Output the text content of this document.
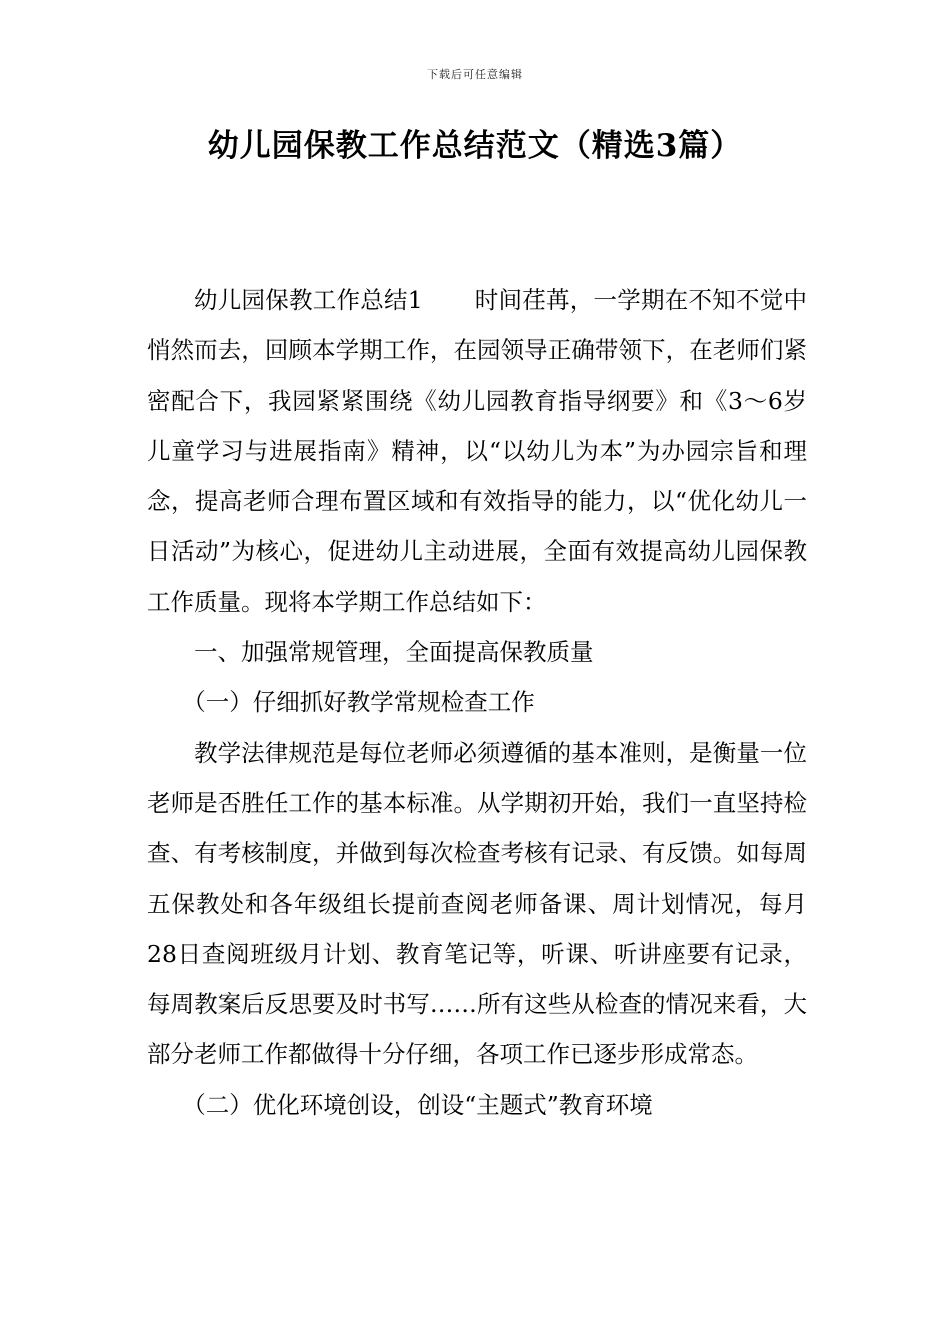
下载后可任意编辑
幼儿园保教工作总结范文（精选3篇）

幼儿园保教工作总结1 时间荏苒，一学期在不知不觉中悄然而去，回顾本学期工作，在园领导正确带领下，在老师们紧密配合下，我园紧紧围绕《幼儿园教育指导纲要》和《3～6岁儿童学习与进展指南》精神，以“以幼儿为本”为办园宗旨和理念，提高老师合理布置区域和有效指导的能力，以“优化幼儿一日活动”为核心，促进幼儿主动进展，全面有效提高幼儿园保教工作质量。现将本学期工作总结如下：

一、加强常规管理，全面提高保教质量

（一）仔细抓好教学常规检查工作

教学法律规范是每位老师必须遵循的基本准则，是衡量一位老师是否胜任工作的基本标准。从学期初开始，我们一直坚持检查、有考核制度，并做到每次检查考核有记录、有反馈。如每周五保教处和各年级组长提前查阅老师备课、周计划情况，每月28日查阅班级月计划、教育笔记等，听课、听讲座要有记录，每周教案后反思要及时书写……所有这些从检查的情况来看，大部分老师工作都做得十分仔细，各项工作已逐步形成常态。

（二）优化环境创设，创设“主题式”教育环境
